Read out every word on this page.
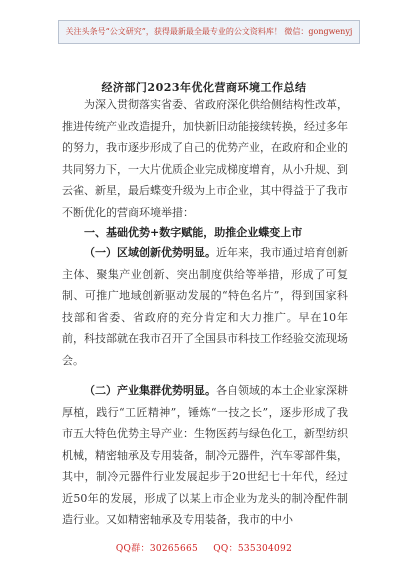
关注头条号“公文研究”，获得最新最全最专业的公文资料库！ 微信：gongwenyj
经济部门2023年优化营商环境工作总结

为深入贯彻落实省委、省政府深化供给侧结构性改革，推进传统产业改造提升，加快新旧动能接续转换，经过多年的努力，我市逐步形成了自己的优势产业，在政府和企业的共同努力下，一大片优质企业完成梯度增育，从小升规、到云雀、新星，最后蝶变升级为上市企业，其中得益于了我市不断优化的营商环境举措：

一、基础优势+数字赋能，助推企业蝶变上市

（一）区域创新优势明显。近年来，我市通过培育创新主体、聚集产业创新、突出制度供给等举措，形成了可复制、可推广地域创新驱动发展的“特色名片”，得到国家科技部和省委、省政府的充分肯定和大力推广。早在10年前，科技部就在我市召开了全国县市科技工作经验交流现场会。

（二）产业集群优势明显。各自领域的本土企业家深耕厚植，践行“工匠精神”，锤炼“一技之长”，逐步形成了我市五大特色优势主导产业：生物医药与绿色化工，新型纺织机械，精密轴承及专用装备，制冷元器件，汽车零部件集，其中，制冷元器件行业发展起步于20世纪七十年代，经过近50年的发展，形成了以某上市企业为龙头的制冷配件制造行业。又如精密轴承及专用装备，我市的中小

QQ群：30265665 QQ：535304092
